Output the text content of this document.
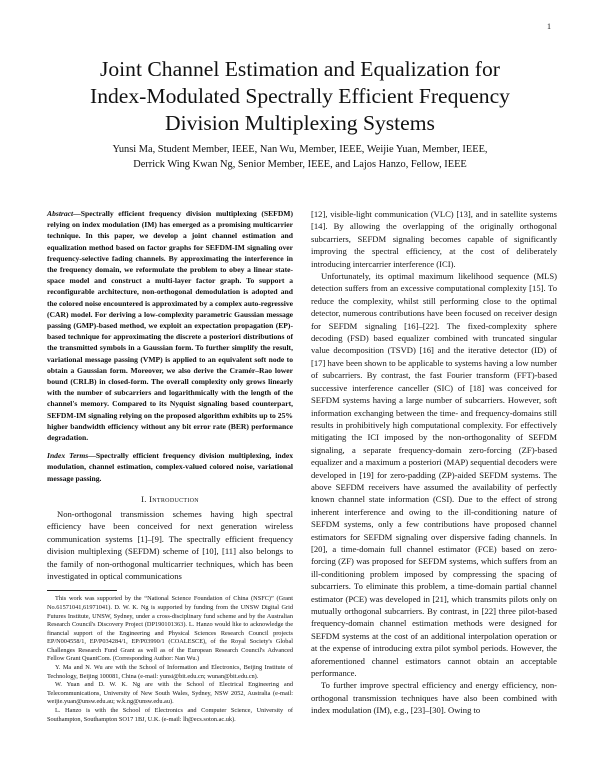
1
Joint Channel Estimation and Equalization for
Index-Modulated Spectrally Efficient Frequency
Division Multiplexing Systems
Yunsi Ma, Student Member, IEEE, Nan Wu, Member, IEEE, Weijie Yuan, Member, IEEE,
Derrick Wing Kwan Ng, Senior Member, IEEE, and Lajos Hanzo, Fellow, IEEE

Abstract—Spectrally efficient frequency division multiplexing (SEFDM) relying on index modulation (IM) has emerged as a promising multicarrier technique. In this paper, we develop a joint channel estimation and equalization method based on factor graphs for SEFDM-IM signaling over frequency-selective fading channels. By approximating the interference in the frequency domain, we reformulate the problem to obey a linear state-space model and construct a multi-layer factor graph. To support a reconfigurable architecture, non-orthogonal demodulation is adopted and the colored noise encountered is approximated by a complex auto-regressive (CAR) model. For deriving a low-complexity parametric Gaussian message passing (GMP)-based method, we exploit an expectation propagation (EP)-based technique for approximating the discrete a posteriori distributions of the transmitted symbols in a Gaussian form. To further simplify the result, variational message passing (VMP) is applied to an equivalent soft node to obtain a Gaussian form. Moreover, we also derive the Cramér–Rao lower bound (CRLB) in closed-form. The overall complexity only grows linearly with the number of subcarriers and logarithmically with the length of the channel's memory. Compared to its Nyquist signaling based counterpart, SEFDM-IM signaling relying on the proposed algorithm exhibits up to 25% higher bandwidth efficiency without any bit error rate (BER) performance degradation.

Index Terms—Spectrally efficient frequency division multiplexing, index modulation, channel estimation, complex-valued colored noise, variational message passing.

I. Introduction

Non-orthogonal transmission schemes having high spectral efficiency have been conceived for next generation wireless communication systems [1]–[9]. The spectrally efficient frequency division multiplexing (SEFDM) scheme of [10], [11] also belongs to the family of non-orthogonal multicarrier techniques, which has been investigated in optical communications

This work was supported by the “National Science Foundation of China (NSFC)” (Grant No.61571041,61971041). D. W. K. Ng is supported by funding from the UNSW Digital Grid Futures Institute, UNSW, Sydney, under a cross-disciplinary fund scheme and by the Australian Research Council's Discovery Project (DP190101363). L. Hanzo would like to acknowledge the financial support of the Engineering and Physical Sciences Research Council projects EP/N004558/1, EP/P034284/1, EP/P03990/1 (COALESCE), of the Royal Society's Global Challenges Research Fund Grant as well as of the European Research Council's Advanced Fellow Grant QuantCom. (Corresponding Author: Nan Wu.)

Y. Ma and N. Wu are with the School of Information and Electronics, Beijing Institute of Technology, Beijing 100081, China (e-mail: yunsi@bit.edu.cn; wunan@bit.edu.cn).

W. Yuan and D. W. K. Ng are with the School of Electrical Engineering and Telecommunications, University of New South Wales, Sydney, NSW 2052, Australia (e-mail: weijie.yuan@unsw.edu.au; w.k.ng@unsw.edu.au).

L. Hanzo is with the School of Electronics and Computer Science, University of Southampton, Southampton SO17 1BJ, U.K. (e-mail: lh@ecs.soton.ac.uk).

[12], visible-light communication (VLC) [13], and in satellite systems [14]. By allowing the overlapping of the originally orthogonal subcarriers, SEFDM signaling becomes capable of significantly improving the spectral efficiency, at the cost of deliberately introducing intercarrier interference (ICI).

Unfortunately, its optimal maximum likelihood sequence (MLS) detection suffers from an excessive computational complexity [15]. To reduce the complexity, whilst still performing close to the optimal detector, numerous contributions have been focused on receiver design for SEFDM signaling [16]–[22]. The fixed-complexity sphere decoding (FSD) based equalizer combined with truncated singular value decomposition (TSVD) [16] and the iterative detector (ID) of [17] have been shown to be applicable to systems having a low number of subcarriers. By contrast, the fast Fourier transform (FFT)-based successive interference canceller (SIC) of [18] was conceived for SEFDM systems having a large number of subcarriers. However, soft information exchanging between the time- and frequency-domains still results in prohibitively high computational complexity. For effectively mitigating the ICI imposed by the non-orthogonality of SEFDM signaling, a separate frequency-domain zero-forcing (ZF)-based equalizer and a maximum a posteriori (MAP) sequential decoders were developed in [19] for zero-padding (ZP)-aided SEFDM systems. The above SEFDM receivers have assumed the availability of perfectly known channel state information (CSI). Due to the effect of strong inherent interference and owing to the ill-conditioning nature of SEFDM systems, only a few contributions have proposed channel estimators for SEFDM signaling over dispersive fading channels. In [20], a time-domain full channel estimator (FCE) based on zero-forcing (ZF) was proposed for SEFDM systems, which suffers from an ill-conditioning problem imposed by compressing the spacing of subcarriers. To eliminate this problem, a time-domain partial channel estimator (PCE) was developed in [21], which transmits pilots only on mutually orthogonal subcarriers. By contrast, in [22] three pilot-based frequency-domain channel estimation methods were designed for SEFDM systems at the cost of an additional interpolation operation or at the expense of introducing extra pilot symbol periods. However, the aforementioned channel estimators cannot obtain an acceptable performance.

To further improve spectral efficiency and energy efficiency, non-orthogonal transmission techniques have also been combined with index modulation (IM), e.g., [23]–[30]. Owing to
